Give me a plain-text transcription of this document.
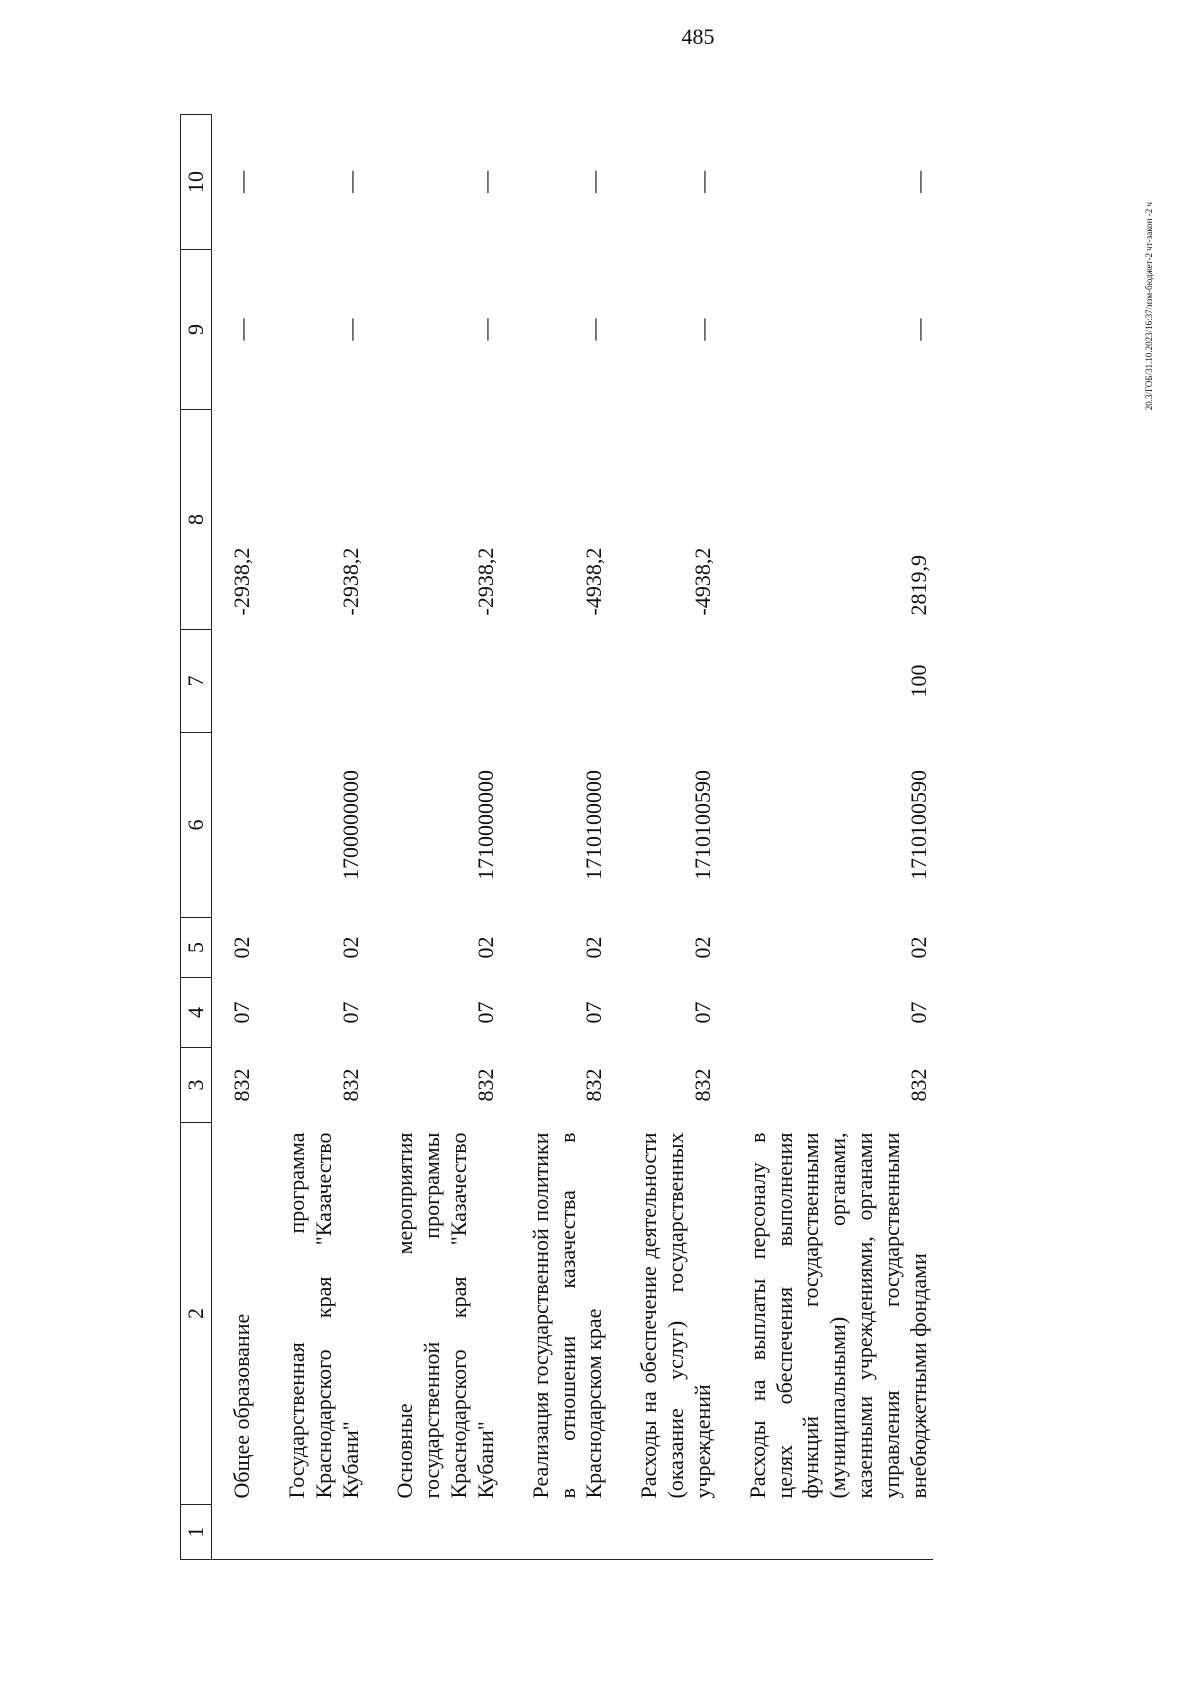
485
20.3/ГОБ/31.10.2023/16:37/изм-бюджет-2 чт-закон -2 ч
1	2	3	4	5	6	7	8	9	10
	Общее образование	832	07	02			-2938,2	—	—

	Государственная программа Краснодарского края "Казачество Кубани"	832	07	02	1700000000		-2938,2	—	—

	Основные мероприятия государственной программы Краснодарского края "Казачество Кубани"	832	07	02	1710000000		-2938,2	—	—

	Реализация государственной политики в отношении казачества в Краснодарском крае	832	07	02	1710100000		-4938,2	—	—

	Расходы на обеспечение деятельности (оказание услуг) государственных учреждений	832	07	02	1710100590		-4938,2	—	—

	Расходы на выплаты персоналу в целях обеспечения выполнения функций государственными (муниципальными) органами, казенными учреждениями, органами управления государственными внебюджетными фондами	832	07	02	1710100590	100	2819,9	—	—
